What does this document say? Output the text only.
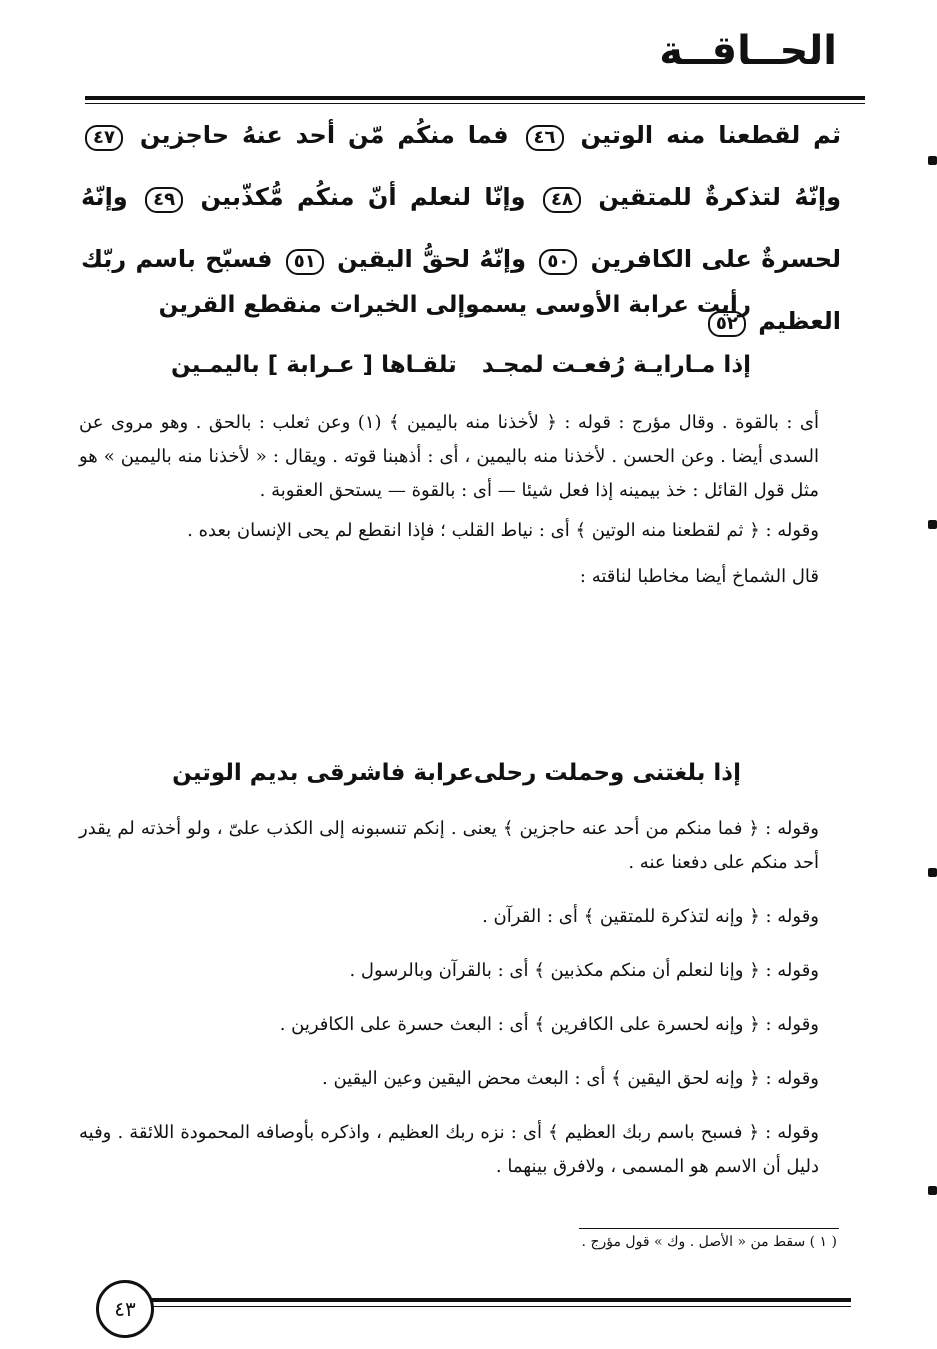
الحــاقــة
ثم لقطعنا منه الوتين ٤٦ فما منكُم مّن أحد عنهُ حاجزين ٤٧ وإنّهُ لتذكرةٌ للمتقين ٤٨ وإنّا لنعلم أنّ منكُم مُّكذّبين ٤٩ وإنّهُ لحسرةٌ على الكافرين ٥٠ وإنّهُ لحقُّ اليقين ٥١ فسبّح باسم ربّك العظيم ٥٢
رأيت عرابة الأوسى يسمو
إلى الخيرات منقطع القرين
إذا مـارايـة رُفعـت لمجـد
تلقـاها [ عـرابة ] باليمـين

أى : بالقوة . وقال مؤرج : قوله : ﴿ لأخذنا منه باليمين ﴾ (١) وعن ثعلب : بالحق . وهو مروى عن السدى أيضا . وعن الحسن . لأخذنا منه باليمين ، أى : أذهبنا قوته . ويقال : « لأخذنا منه باليمين » هو مثل قول القائل : خذ بيمينه إذا فعل شيئا — أى : بالقوة — يستحق العقوبة .

وقوله : ﴿ ثم لقطعنا منه الوتين ﴾ أى : نياط القلب ؛ فإذا انقطع لم يحى الإنسان بعده .

قال الشماخ أيضا مخاطبا لناقته :

إذا بلغتنى وحملت رحلى
عرابة فاشرقى بديم الوتين

وقوله : ﴿ فما منكم من أحد عنه حاجزين ﴾ يعنى . إنكم تنسبونه إلى الكذب علىّ ، ولو أخذته لم يقدر أحد منكم على دفعنا عنه .

وقوله : ﴿ وإنه لتذكرة للمتقين ﴾ أى : القرآن .

وقوله : ﴿ وإنا لنعلم أن منكم مكذبين ﴾ أى : بالقرآن وبالرسول .

وقوله : ﴿ وإنه لحسرة على الكافرين ﴾ أى : البعث حسرة على الكافرين .

وقوله : ﴿ وإنه لحق اليقين ﴾ أى : البعث محض اليقين وعين اليقين .

وقوله : ﴿ فسبح باسم ربك العظيم ﴾ أى : نزه ربك العظيم ، واذكره بأوصافه المحمودة اللائقة . وفيه دليل أن الاسم هو المسمى ، ولافرق بينهما .

( ١ ) سقط من « الأصل . وك » قول مؤرج .
٤٣
